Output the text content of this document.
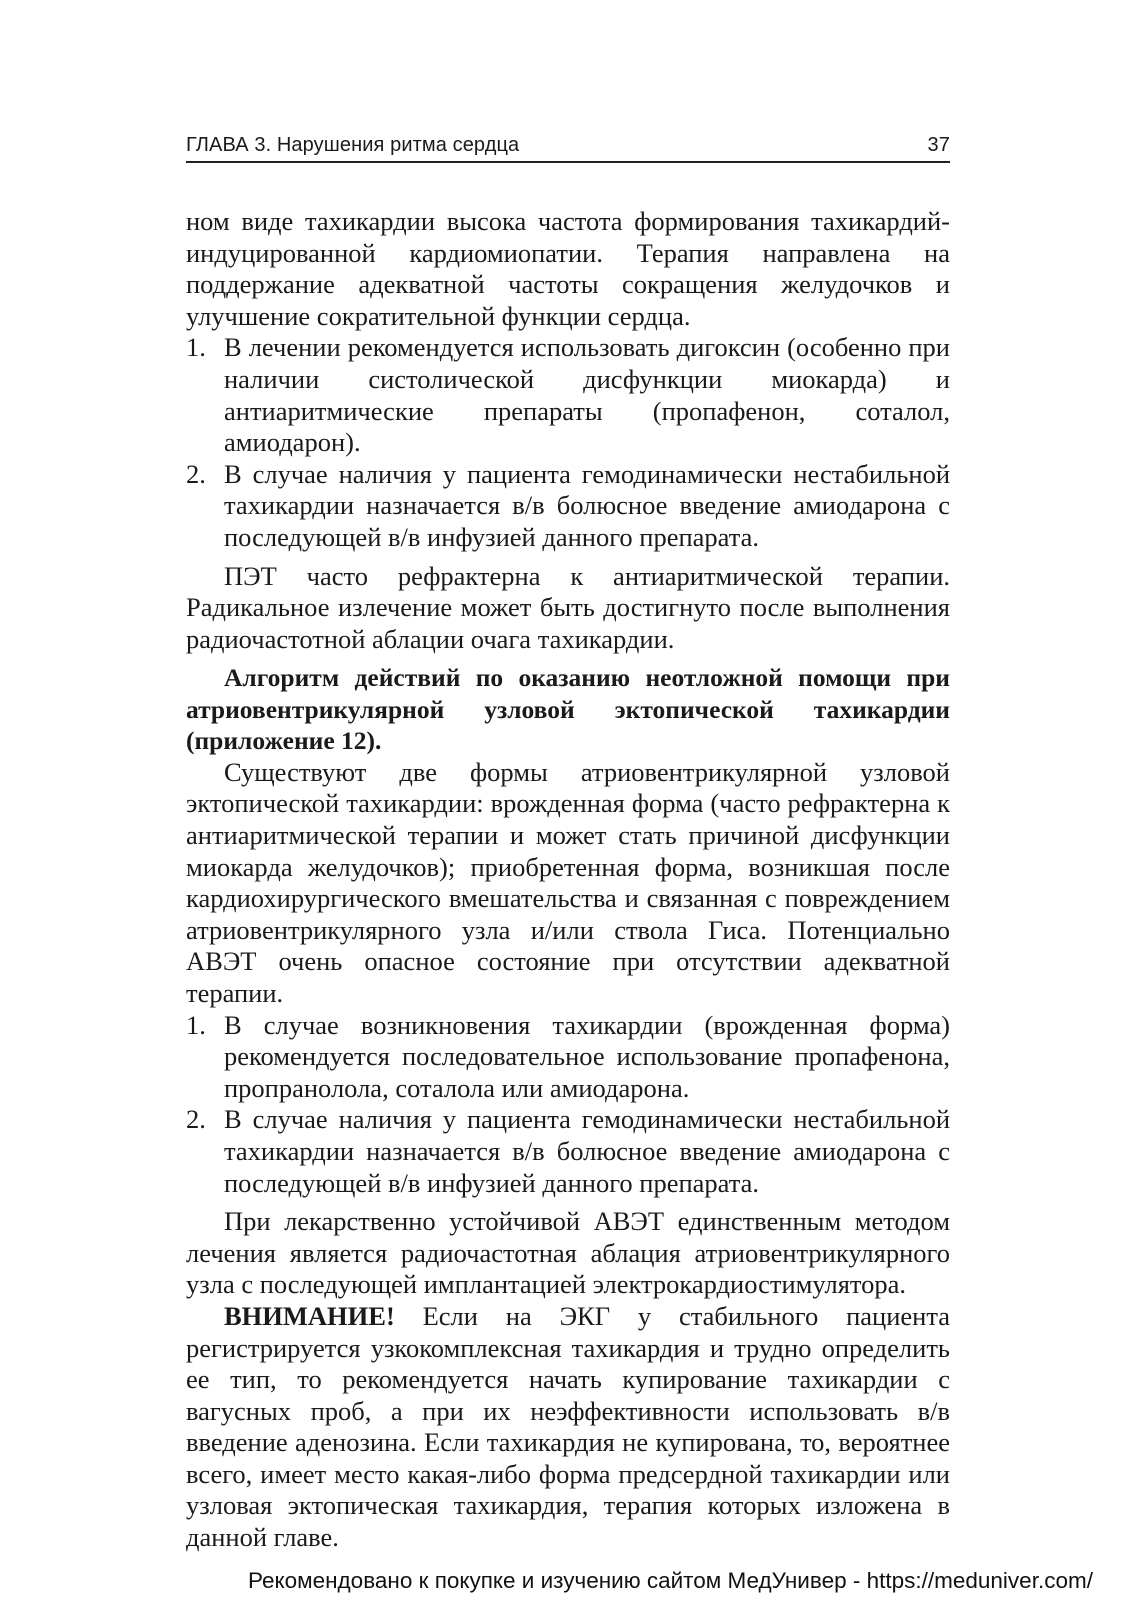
ГЛАВА 3. Нарушения ритма сердца	37

ном виде тахикардии высока частота формирования тахикардий-индуцированной кардиомиопатии. Терапия направлена на поддержание адекватной частоты сокращения желудочков и улучшение сократительной функции сердца.

1. В лечении рекомендуется использовать дигоксин (особенно при наличии систолической дисфункции миокарда) и антиаритмические препараты (пропафенон, соталол, амиодарон).
2. В случае наличия у пациента гемодинамически нестабильной тахикардии назначается в/в болюсное введение амиодарона с последующей в/в инфузией данного препарата.

ПЭТ часто рефрактерна к антиаритмической терапии. Радикальное излечение может быть достигнуто после выполнения радиочастотной аблации очага тахикардии.

Алгоритм действий по оказанию неотложной помощи при атриовентрикулярной узловой эктопической тахикардии (приложение 12).

Существуют две формы атриовентрикулярной узловой эктопической тахикардии: врожденная форма (часто рефрактерна к антиаритмической терапии и может стать причиной дисфункции миокарда желудочков); приобретенная форма, возникшая после кардиохирургического вмешательства и связанная с повреждением атриовентрикулярного узла и/или ствола Гиса. Потенциально АВЭТ очень опасное состояние при отсутствии адекватной терапии.

1. В случае возникновения тахикардии (врожденная форма) рекомендуется последовательное использование пропафенона, пропранолола, соталола или амиодарона.
2. В случае наличия у пациента гемодинамически нестабильной тахикардии назначается в/в болюсное введение амиодарона с последующей в/в инфузией данного препарата.

При лекарственно устойчивой АВЭТ единственным методом лечения является радиочастотная аблация атриовентрикулярного узла с последующей имплантацией электрокардиостимулятора.

ВНИМАНИЕ! Если на ЭКГ у стабильного пациента регистрируется узкокомплексная тахикардия и трудно определить ее тип, то рекомендуется начать купирование тахикардии с вагусных проб, а при их неэффективности использовать в/в введение аденозина. Если тахикардия не купирована, то, вероятнее всего, имеет место какая-либо форма предсердной тахикардии или узловая эктопическая тахикардия, терапия которых изложена в данной главе.

Рекомендовано к покупке и изучению сайтом МедУнивер - https://meduniver.com/
